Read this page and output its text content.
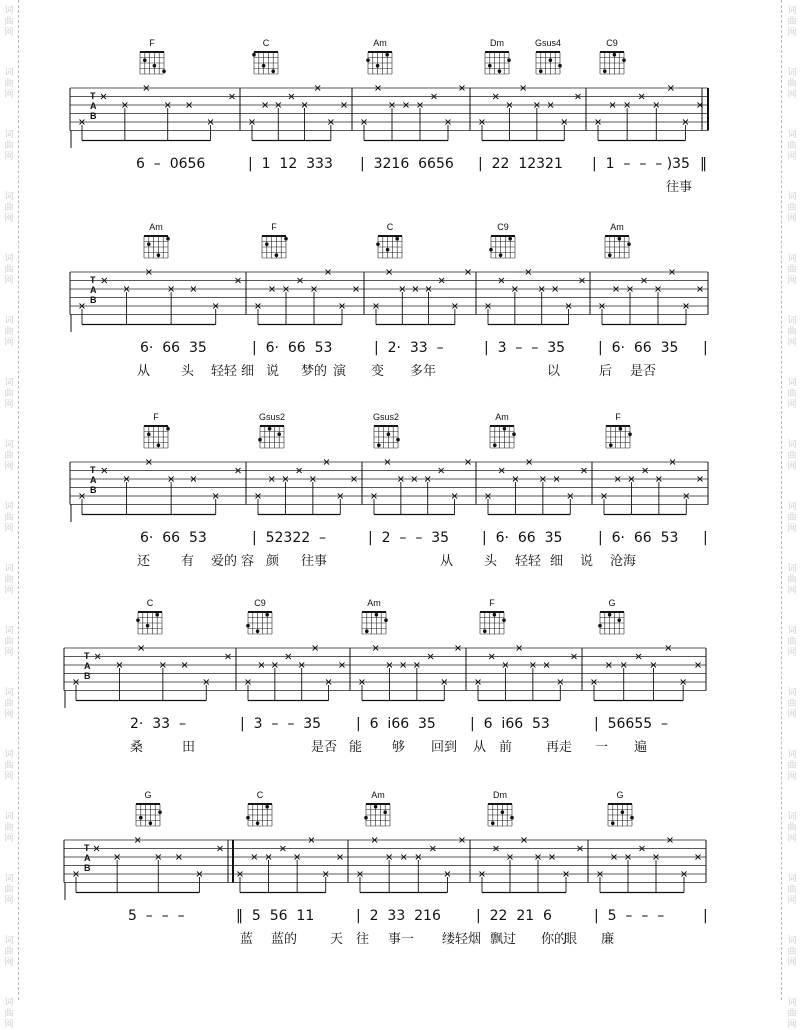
词
曲
网
词
曲
网
词
曲
网
词
曲
网
词
曲
网
词
曲
网
词
曲
网
词
曲
网
词
曲
网
词
曲
网
词
曲
网
词
曲
网
词
曲
网
词
曲
网
词
曲
网
词
曲
网
词
曲
网
词
曲
网
词
曲
网
词
曲
网
词
曲
网
词
曲
网
词
曲
网
词
曲
网
词
曲
网
词
曲
网
词
曲
网
词
曲
网
词
曲
网
词
曲
网
词
曲
网
词
曲
网
词
曲
网
词
曲
网
F	C	Am	Dm	Gsus4	C9
T
A
B
6  –  0656	|  1  12  333 |  3216  6656 |  22  12321 |  1  –  –  – )35 ‖
往事
Am	F	C	C9	Am
T
A
B
6·  66  35	|  6·  66  53	|  2·  33  –	|  3  –  –  35 |  6·  66  35 |
从 头 轻轻 细 说 梦的 演 变 多年	以	后 是否
F	Gsus2	Gsus2	Am	F
T
A
B
6·  66  53	|  52322  –	|  2  –  –  35 |  6·  66  35	|  6·  66  53 |
还 有 爱的 容 颜 往事	从 头 轻轻 细 说 沧海
C	C9	Am	F	G
T
A
B
2·  33  –	|  3  –  –  35 |  6  i66  35 |  6  i66  53	|  56655  –
桑	田	是否 能 够 回到 从 前	再走 一 遍
G	C	Am	Dm	G
T
A
B
5  –  –  –	‖  5  56  11	|  2  33  216	|  22  21  6	|  5  –  –  –	|
蓝 蓝的	天 往 事一 缕轻烟 飘过 你的
眼 廉
